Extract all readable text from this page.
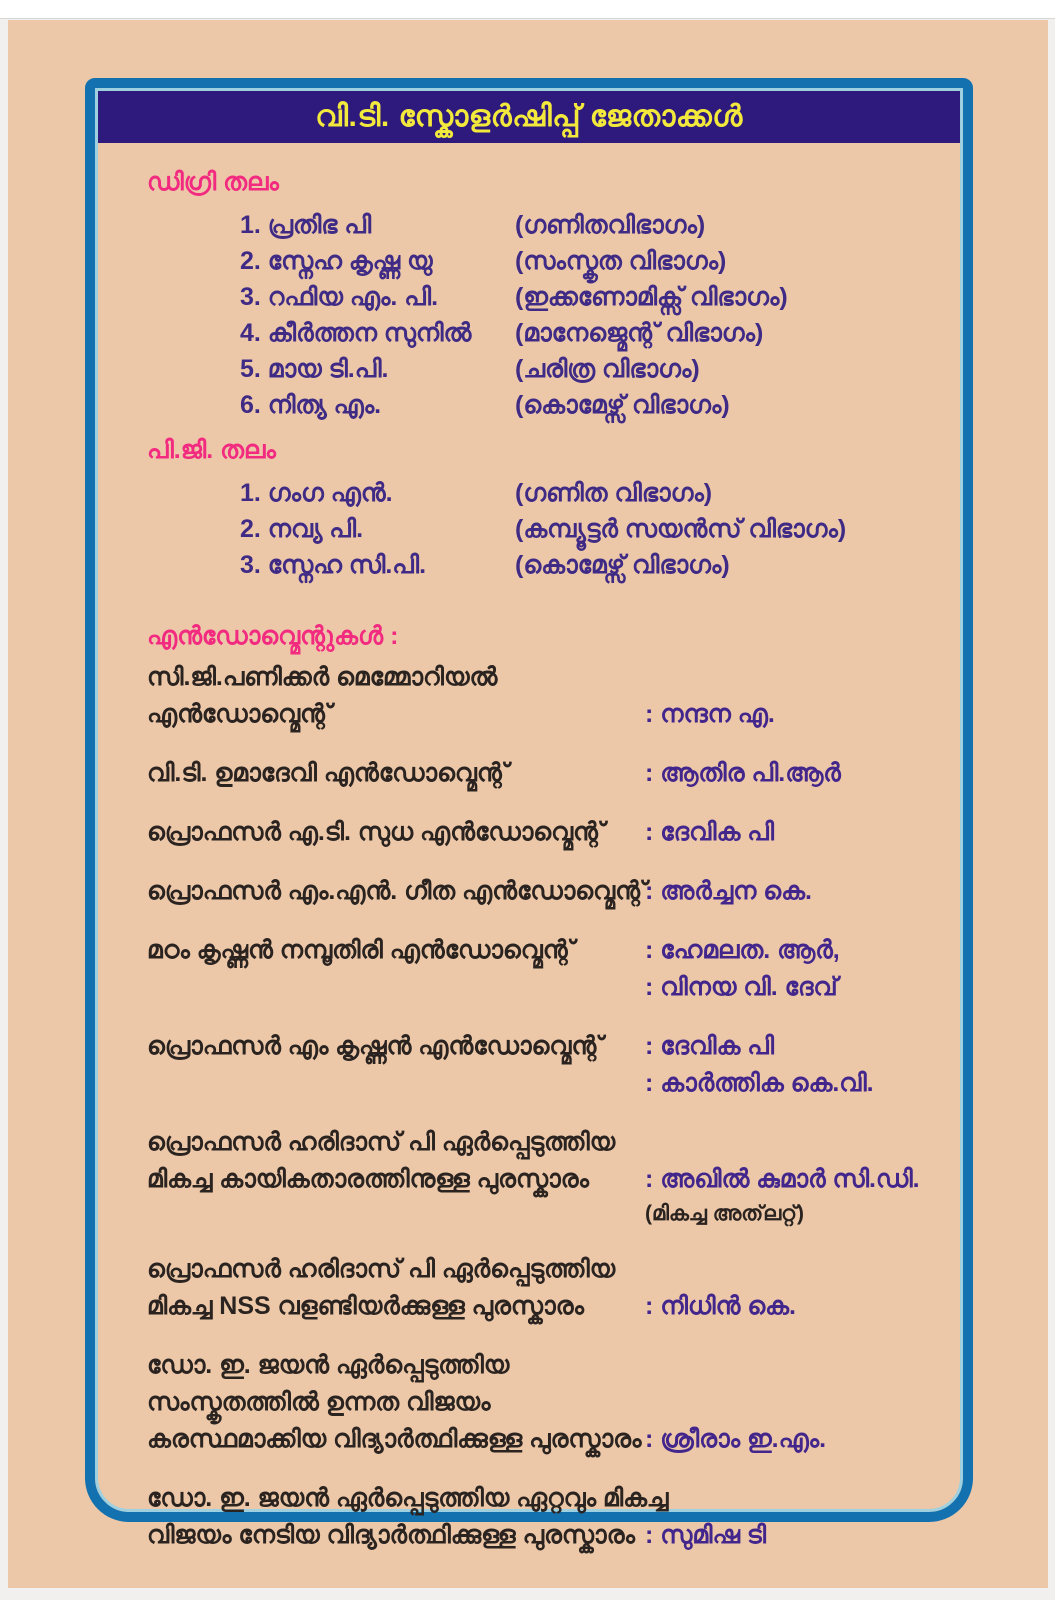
വി.ടി. സ്കോളർഷിപ്പ് ജേതാക്കൾ
ഡിഗ്രി തലം
1. പ്രതിഭ പി	(ഗണിതവിഭാഗം)
2. സ്നേഹ കൃഷ്ണ യു	(സംസ്കൃത വിഭാഗം)
3. റഫിയ എം. പി.	(ഇക്കണോമിക്സ് വിഭാഗം)
4. കീർത്തന സുനിൽ (മാനേജ്മെന്റ് വിഭാഗം)
5. മായ ടി.പി.	(ചരിത്ര വിഭാഗം)
6. നിത്യ എം.	(കൊമേഴ്സ് വിഭാഗം)
പി.ജി. തലം
1. ഗംഗ എൻ.	(ഗണിത വിഭാഗം)
2. നവ്യ പി.	(കമ്പ്യൂട്ടർ സയൻസ് വിഭാഗം)
3. സ്നേഹ സി.പി.	(കൊമേഴ്സ് വിഭാഗം)
എൻഡോവ്മെന്റുകൾ :
സി.ജി.പണിക്കർ മെമ്മോറിയൽ
എൻഡോവ്മെന്റ്	: നന്ദന എ.
വി.ടി. ഉമാദേവി എൻഡോവ്മെന്റ്	: ആതിര പി.ആർ
പ്രൊഫസർ എ.ടി. സുധ എൻഡോവ്മെന്റ്	: ദേവിക പി
പ്രൊഫസർ എം.എൻ. ഗീത എൻഡോവ്മെന്റ്
: അർച്ചന കെ.
മഠം കൃഷ്ണൻ നമ്പൂതിരി എൻഡോവ്മെന്റ്	: ഹേമലത. ആർ,
: വിനയ വി. ദേവ്
പ്രൊഫസർ എം കൃഷ്ണൻ എൻഡോവ്മെന്റ്	: ദേവിക പി
: കാർത്തിക കെ.വി.
പ്രൊഫസർ ഹരിദാസ് പി ഏർപ്പെടുത്തിയ
മികച്ച കായികതാരത്തിനുള്ള പുരസ്കാരം	: അഖിൽ കുമാർ സി.ഡി.
(മികച്ച അത്‌ലറ്റ്)
പ്രൊഫസർ ഹരിദാസ് പി ഏർപ്പെടുത്തിയ
മികച്ച NSS വളണ്ടിയർക്കുള്ള പുരസ്കാരം	: നിധിൻ കെ.
ഡോ. ഇ. ജയൻ ഏർപ്പെടുത്തിയ
സംസ്കൃതത്തിൽ ഉന്നത വിജയം
കരസ്ഥമാക്കിയ വിദ്യാർത്ഥിക്കുള്ള പുരസ്കാരം : ശ്രീരാം ഇ.എം.
ഡോ. ഇ. ജയൻ ഏർപ്പെടുത്തിയ ഏറ്റവും മികച്ച
വിജയം നേടിയ വിദ്യാർത്ഥിക്കുള്ള പുരസ്കാരം : സുമിഷ ടി
